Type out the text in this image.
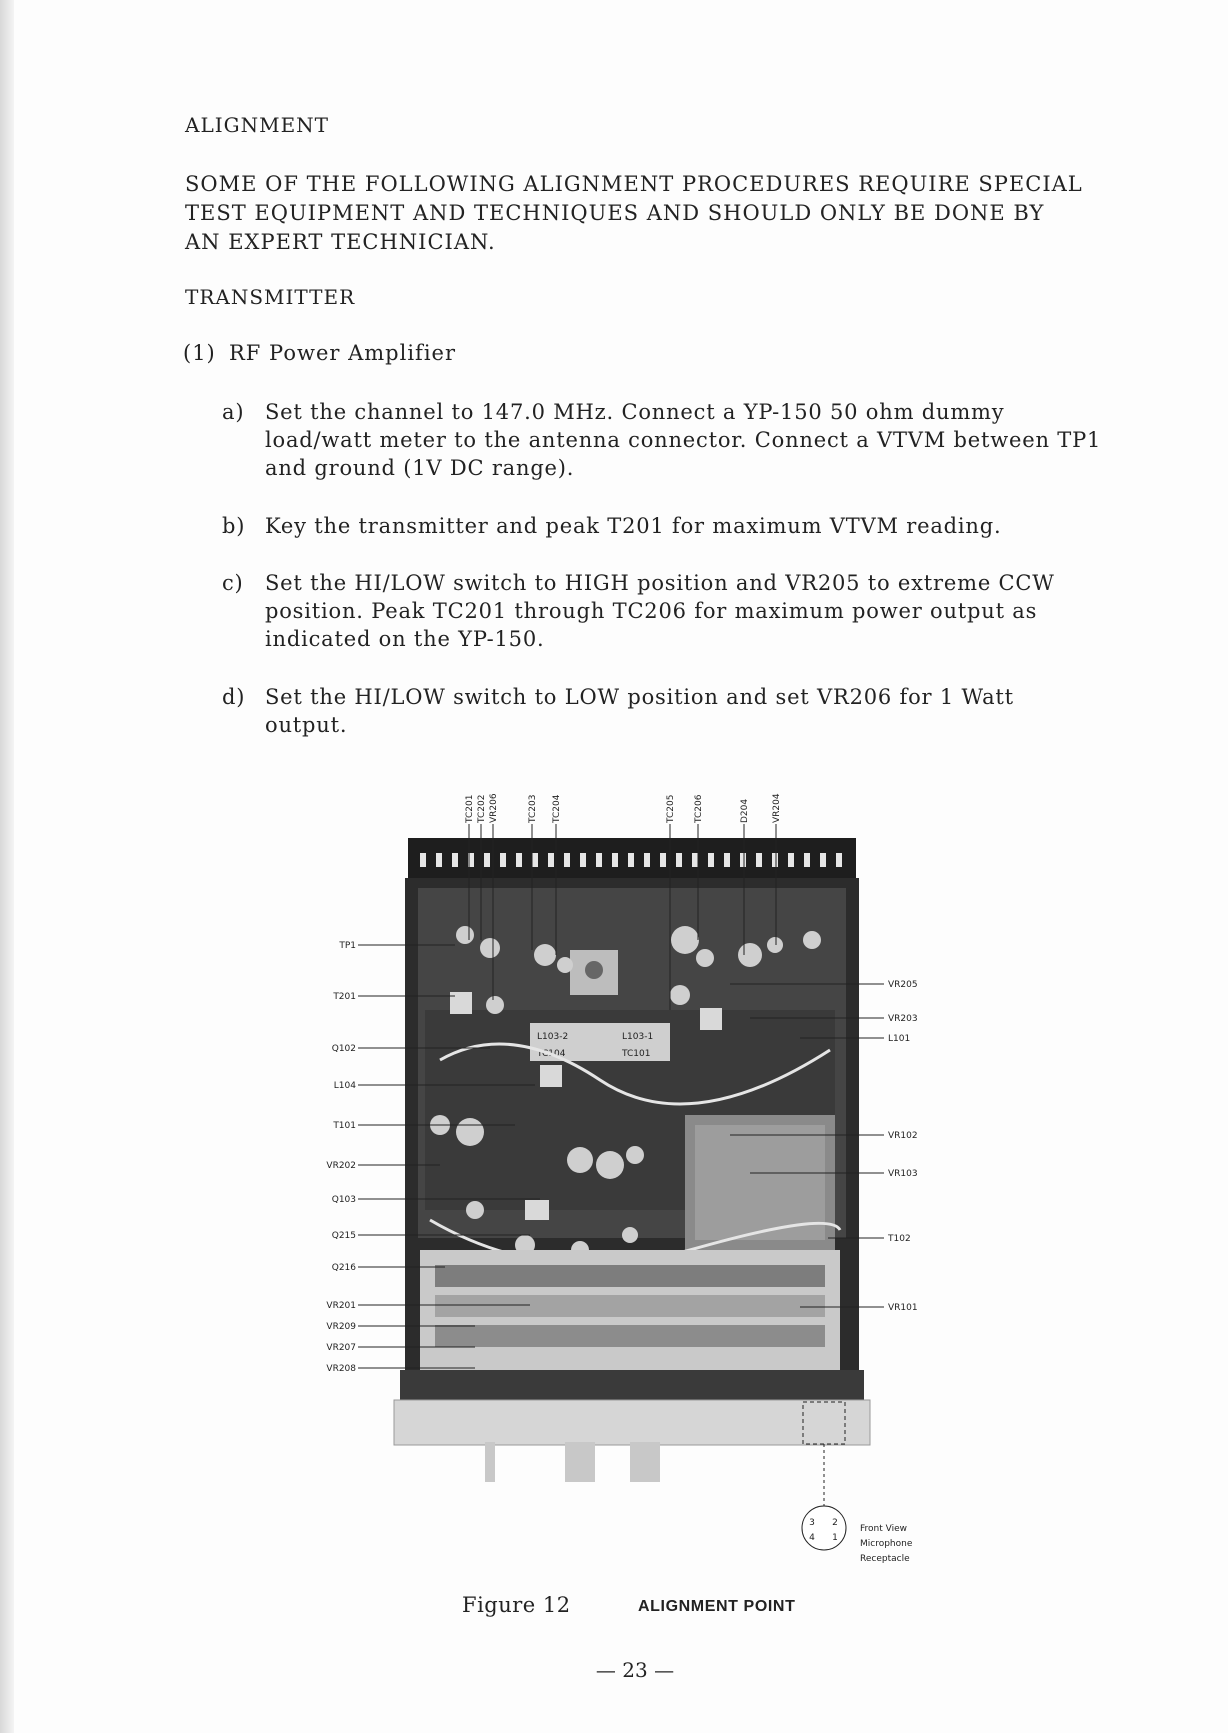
ALIGNMENT
SOME OF THE FOLLOWING ALIGNMENT PROCEDURES REQUIRE SPECIAL TEST EQUIPMENT AND TECHNIQUES AND SHOULD ONLY BE DONE BY AN EXPERT TECHNICIAN.
TRANSMITTER
(1) RF Power Amplifier
a) Set the channel to 147.0 MHz. Connect a YP-150 50 ohm dummy load/watt meter to the antenna connector. Connect a VTVM between TP1 and ground (1V DC range).
b) Key the transmitter and peak T201 for maximum VTVM reading.
c)	Set the HI/LOW switch to HIGH position and VR205 to extreme CCW position. Peak TC201 through TC206 for maximum power output as indicated on the YP-150.
d) Set the HI/LOW switch to LOW position and set VR206 for 1 Watt output.
L103-2	L103-1
TC104	TC101
3 2
4 1
Front View
Microphone
Receptacle
TC201 TC202 VR206	TC203 TC204	TC205 TC206	D204 VR204
TP1
T201
Q102
L104
T101
VR202
Q103
Q215
Q216
VR201
VR209
VR207
VR208
VR205
VR203
L101
VR102
VR103
T102
VR101
Figure 12	ALIGNMENT POINT
— 23 —
